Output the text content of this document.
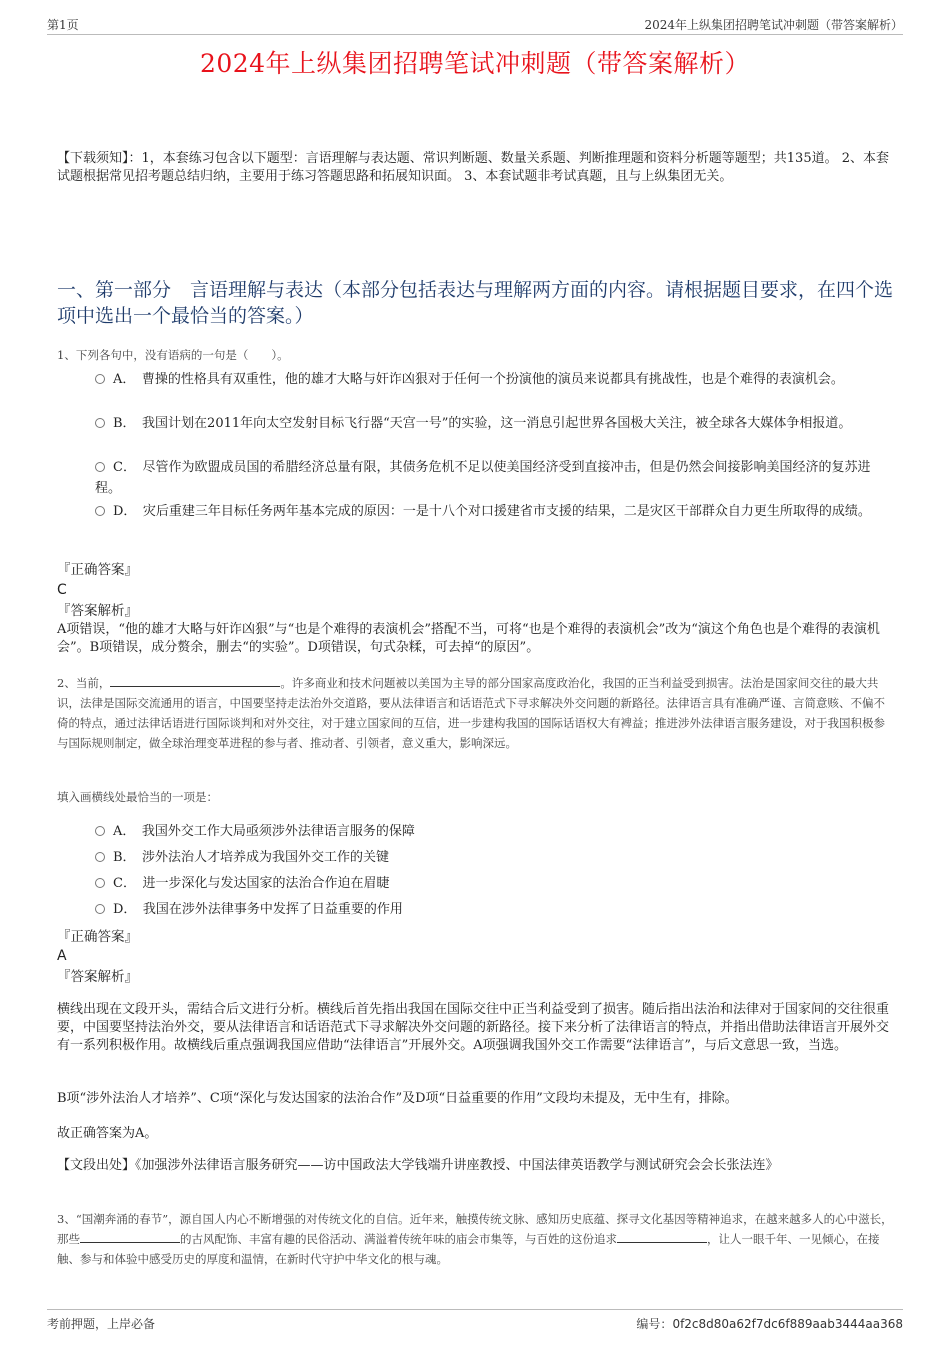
第1页	2024年上纵集团招聘笔试冲刺题（带答案解析）
2024年上纵集团招聘笔试冲刺题（带答案解析）
【下载须知】：1，本套练习包含以下题型：言语理解与表达题、常识判断题、数量关系题、判断推理题和资料分析题等题型；共135道。 2、本套试题根据常见招考题总结归纳，主要用于练习答题思路和拓展知识面。 3、本套试题非考试真题，且与上纵集团无关。
一、第一部分　言语理解与表达（本部分包括表达与理解两方面的内容。请根据题目要求，在四个选项中选出一个最恰当的答案。）
1、下列各句中，没有语病的一句是（　　）。
A．　曹操的性格具有双重性，他的雄才大略与奸诈凶狠对于任何一个扮演他的演员来说都具有挑战性，也是个难得的表演机会。
B．　我国计划在2011年向太空发射目标飞行器“天宫一号”的实验，这一消息引起世界各国极大关注，被全球各大媒体争相报道。
C．　尽管作为欧盟成员国的希腊经济总量有限，其债务危机不足以使美国经济受到直接冲击，但是仍然会间接影响美国经济的复苏进程。
D．　灾后重建三年目标任务两年基本完成的原因：一是十八个对口援建省市支援的结果，二是灾区干部群众自力更生所取得的成绩。
『正确答案』
C
『答案解析』
A项错误，“他的雄才大略与奸诈凶狠”与“也是个难得的表演机会”搭配不当，可将“也是个难得的表演机会”改为“演这个角色也是个难得的表演机会”。B项错误，成分赘余，删去“的实验”。D项错误，句式杂糅，可去掉“的原因”。
2、当前，	。许多商业和技术问题被以美国为主导的部分国家高度政治化，我国的正当利益受到损害。法治是国家间交往的最大共识，法律是国际交流通用的语言，中国要坚持走法治外交道路，要从法律语言和话语范式下寻求解决外交问题的新路径。法律语言具有准确严谨、言简意赅、不偏不倚的特点，通过法律话语进行国际谈判和对外交往，对于建立国家间的互信，进一步建构我国的国际话语权大有裨益；推进涉外法律语言服务建设，对于我国积极参与国际规则制定，做全球治理变革进程的参与者、推动者、引领者，意义重大，影响深远。
填入画横线处最恰当的一项是：
A．　我国外交工作大局亟须涉外法律语言服务的保障
B．　涉外法治人才培养成为我国外交工作的关键
C．　进一步深化与发达国家的法治合作迫在眉睫
D．　我国在涉外法律事务中发挥了日益重要的作用
『正确答案』
A
『答案解析』
横线出现在文段开头，需结合后文进行分析。横线后首先指出我国在国际交往中正当利益受到了损害。随后指出法治和法律对于国家间的交往很重要，中国要坚持法治外交，要从法律语言和话语范式下寻求解决外交问题的新路径。接下来分析了法律语言的特点，并指出借助法律语言开展外交有一系列积极作用。故横线后重点强调我国应借助“法律语言”开展外交。A项强调我国外交工作需要“法律语言”，与后文意思一致，当选。
B项“涉外法治人才培养”、C项“深化与发达国家的法治合作”及D项“日益重要的作用”文段均未提及，无中生有，排除。
故正确答案为A。
【文段出处】《加强涉外法律语言服务研究——访中国政法大学钱端升讲座教授、中国法律英语教学与测试研究会会长张法连》
3、“国潮奔涌的春节”，源自国人内心不断增强的对传统文化的自信。近年来，触摸传统文脉、感知历史底蕴、探寻文化基因等精神追求，在越来越多人的心中滋长，那些	的古风配饰、丰富有趣的民俗活动、满溢着传统年味的庙会市集等，与百姓的这份追求	，让人一眼千年、一见倾心，在接触、参与和体验中感受历史的厚度和温情，在新时代守护中华文化的根与魂。
考前押题，上岸必备	编号：0f2c8d80a62f7dc6f889aab3444aa368
